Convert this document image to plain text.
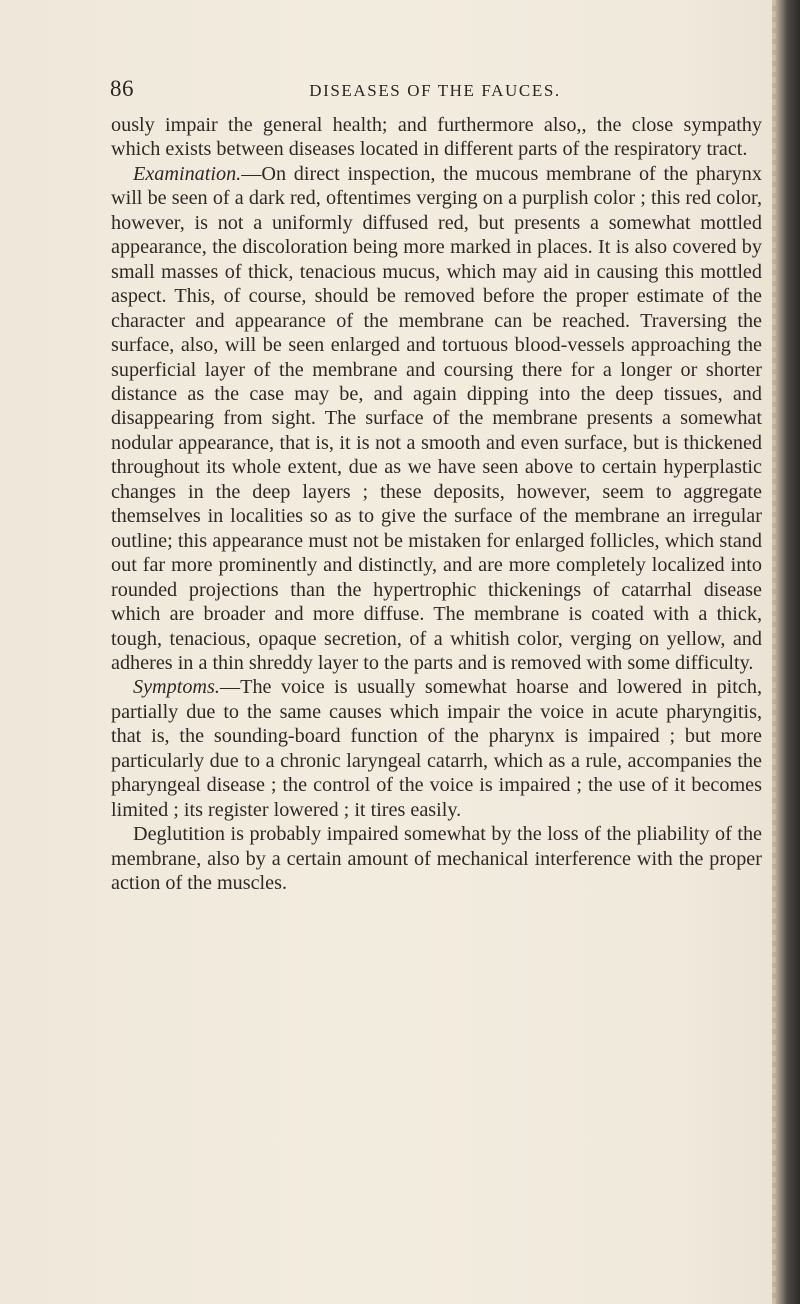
86	DISEASES OF THE FAUCES.

ously impair the general health; and furthermore also,, the close sympathy which exists between diseases located in different parts of the respiratory tract.

Examination.—On direct inspection, the mucous membrane of the pharynx will be seen of a dark red, oftentimes verging on a purplish color ; this red color, however, is not a uniformly diffused red, but presents a somewhat mottled appearance, the discoloration being more marked in places. It is also covered by small masses of thick, tenacious mucus, which may aid in causing this mottled aspect. This, of course, should be removed before the proper estimate of the character and appearance of the membrane can be reached. Traversing the surface, also, will be seen enlarged and tortuous blood-vessels approaching the superficial layer of the membrane and coursing there for a longer or shorter distance as the case may be, and again dipping into the deep tissues, and disappearing from sight. The surface of the membrane presents a somewhat nodular appearance, that is, it is not a smooth and even surface, but is thickened throughout its whole extent, due as we have seen above to certain hyperplastic changes in the deep layers ; these deposits, however, seem to aggregate themselves in localities so as to give the surface of the membrane an irregular outline; this appearance must not be mistaken for enlarged follicles, which stand out far more prominently and distinctly, and are more completely localized into rounded projections than the hypertrophic thickenings of catarrhal disease which are broader and more diffuse. The membrane is coated with a thick, tough, tenacious, opaque secretion, of a whitish color, verging on yellow, and adheres in a thin shreddy layer to the parts and is removed with some difficulty.

Symptoms.—The voice is usually somewhat hoarse and lowered in pitch, partially due to the same causes which impair the voice in acute pharyngitis, that is, the sounding-board function of the pharynx is impaired ; but more particularly due to a chronic laryngeal catarrh, which as a rule, accompanies the pharyngeal disease ; the control of the voice is impaired ; the use of it becomes limited ; its register lowered ; it tires easily.

Deglutition is probably impaired somewhat by the loss of the pliability of the membrane, also by a certain amount of mechanical interference with the proper action of the muscles.
